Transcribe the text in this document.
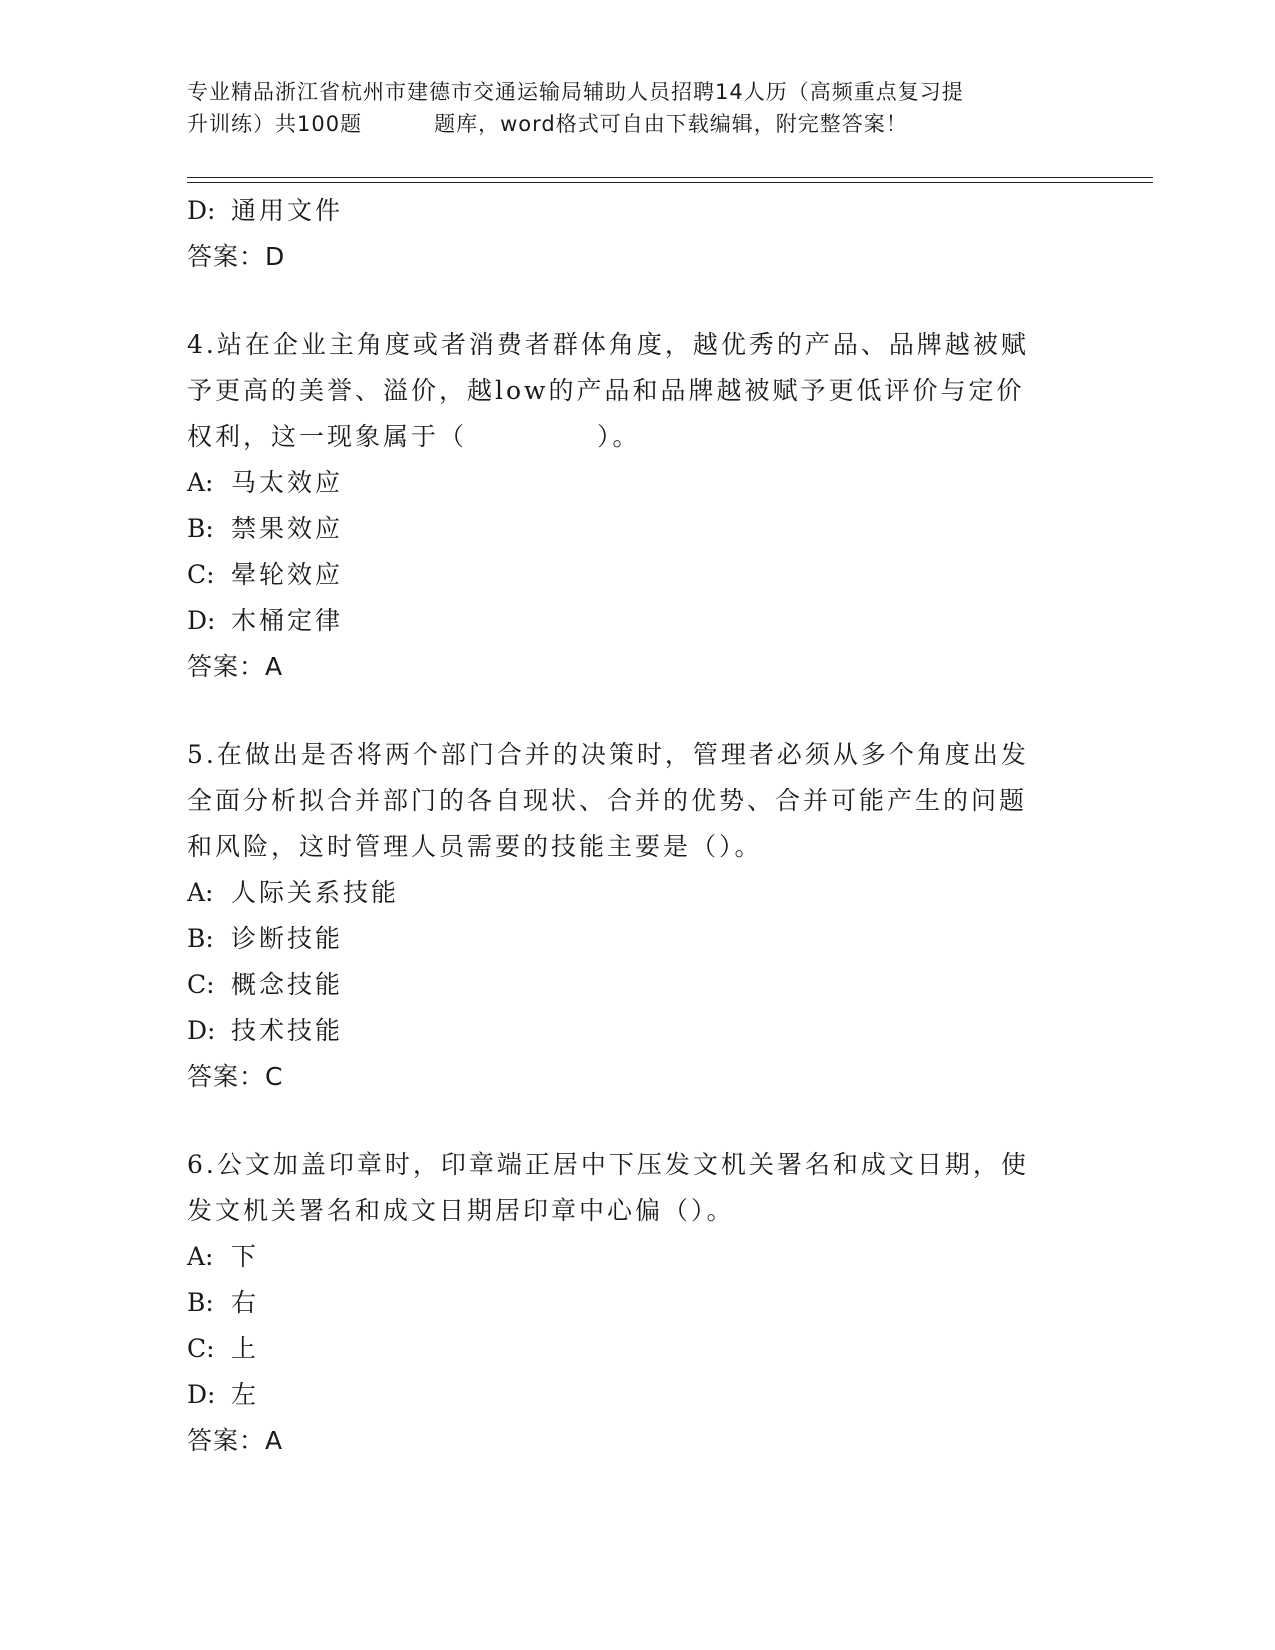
专业精品浙江省杭州市建德市交通运输局辅助人员招聘14人历（高频重点复习提
升训练）共100题	题库，word格式可自由下载编辑，附完整答案！
D: 通用文件
答案：D
4.站在企业主角度或者消费者群体角度，越优秀的产品、品牌越被赋
予更高的美誉、溢价，越low的产品和品牌越被赋予更低评价与定价
权利，这一现象属于（	）。
A: 马太效应
B: 禁果效应
C: 晕轮效应
D: 木桶定律
答案：A
5.在做出是否将两个部门合并的决策时，管理者必须从多个角度出发
全面分析拟合并部门的各自现状、合并的优势、合并可能产生的问题
和风险，这时管理人员需要的技能主要是（）。
A: 人际关系技能
B: 诊断技能
C: 概念技能
D: 技术技能
答案：C
6.公文加盖印章时，印章端正居中下压发文机关署名和成文日期，使
发文机关署名和成文日期居印章中心偏（）。
A: 下
B: 右
C: 上
D: 左
答案：A
